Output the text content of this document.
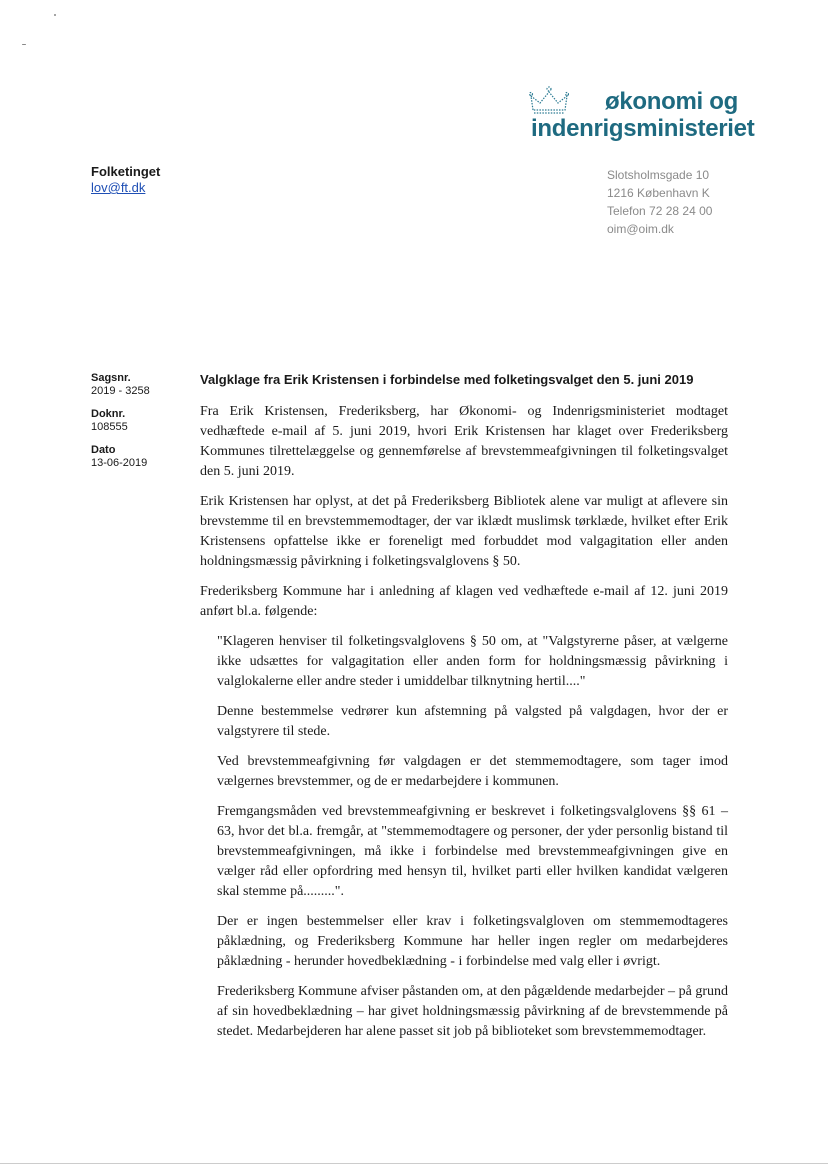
økonomi og
indenrigsministeriet
Folketinget
lov@ft.dk
Slotsholmsgade 10
1216 København K
Telefon 72 28 24 00
oim@oim.dk
Sagsnr.
2019 - 3258
Doknr.
108555
Dato
13-06-2019
Valgklage fra Erik Kristensen i forbindelse med folketingsvalget den 5. juni 2019

Fra Erik Kristensen, Frederiksberg, har Økonomi- og Indenrigsministeriet modtaget vedhæftede e-mail af 5. juni 2019, hvori Erik Kristensen har klaget over Frederiksberg Kommunes tilrettelæggelse og gennemførelse af brevstemmeafgivningen til folketingsvalget den 5. juni 2019.

Erik Kristensen har oplyst, at det på Frederiksberg Bibliotek alene var muligt at aflevere sin brevstemme til en brevstemmemodtager, der var iklædt muslimsk tørklæde, hvilket efter Erik Kristensens opfattelse ikke er foreneligt med forbuddet mod valgagitation eller anden holdningsmæssig påvirkning i folketingsvalglovens § 50.

Frederiksberg Kommune har i anledning af klagen ved vedhæftede e-mail af 12. juni 2019 anført bl.a. følgende:

"Klageren henviser til folketingsvalglovens § 50 om, at "Valgstyrerne påser, at vælgerne ikke udsættes for valgagitation eller anden form for holdningsmæssig påvirkning i valglokalerne eller andre steder i umiddelbar tilknytning hertil...."

Denne bestemmelse vedrører kun afstemning på valgsted på valgdagen, hvor der er valgstyrere til stede.

Ved brevstemmeafgivning før valgdagen er det stemmemodtagere, som tager imod vælgernes brevstemmer, og de er medarbejdere i kommunen.

Fremgangsmåden ved brevstemmeafgivning er beskrevet i folketingsvalglovens §§ 61 – 63, hvor det bl.a. fremgår, at "stemmemodtagere og personer, der yder personlig bistand til brevstemmeafgivningen, må ikke i forbindelse med brevstemmeafgivningen give en vælger råd eller opfordring med hensyn til, hvilket parti eller hvilken kandidat vælgeren skal stemme på.........".

Der er ingen bestemmelser eller krav i folketingsvalgloven om stemmemodtageres påklædning, og Frederiksberg Kommune har heller ingen regler om medarbejderes påklædning - herunder hovedbeklædning - i forbindelse med valg eller i øvrigt.

Frederiksberg Kommune afviser påstanden om, at den pågældende medarbejder – på grund af sin hovedbeklædning – har givet holdningsmæssig påvirkning af de brevstemmende på stedet. Medarbejderen har alene passet sit job på biblioteket som brevstemmemodtager.
